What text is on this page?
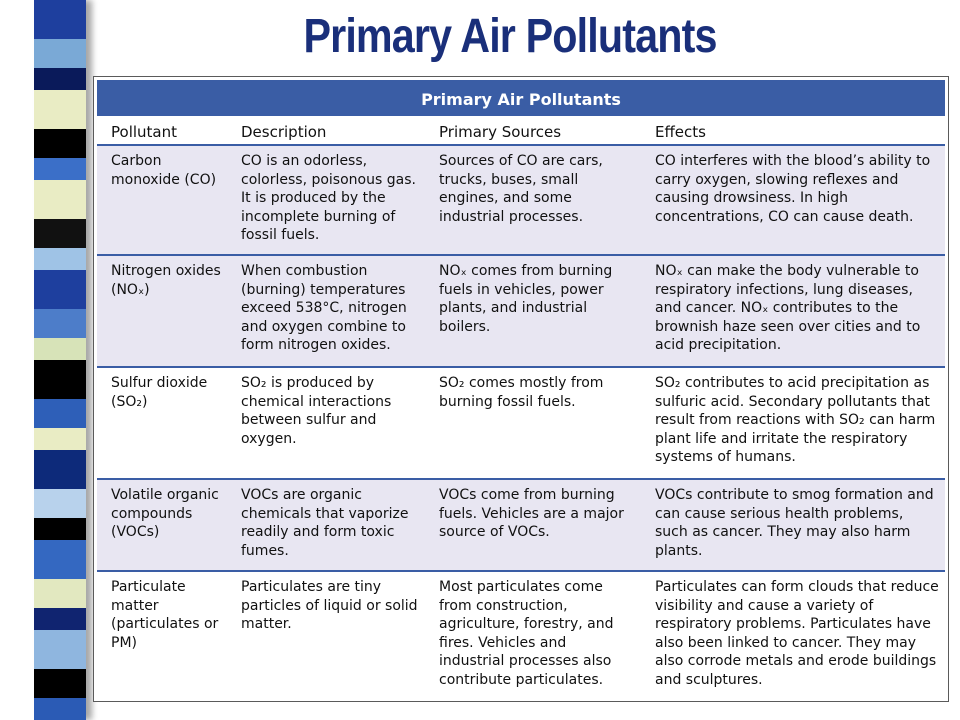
Primary Air Pollutants
Primary Air Pollutants
Pollutant	Description	Primary Sources	Effects
Carbon monoxide (CO)	CO is an odorless, colorless, poisonous gas. It is produced by the incomplete burning of fossil fuels.	Sources of CO are cars, trucks, buses, small engines, and some industrial processes.	CO interferes with the blood’s ability to carry oxygen, slowing reflexes and causing drowsiness. In high concentrations, CO can cause death.
Nitrogen oxides (NOₓ)	When combustion (burning) temperatures exceed 538°C, nitrogen and oxygen combine to form nitrogen oxides.	NOₓ comes from burning fuels in vehicles, power plants, and industrial boilers.	NOₓ can make the body vulnerable to respiratory infections, lung diseases, and cancer. NOₓ contributes to the brownish haze seen over cities and to acid precipitation.
Sulfur dioxide (SO₂)	SO₂ is produced by chemical interactions between sulfur and oxygen.	SO₂ comes mostly from burning fossil fuels.	SO₂ contributes to acid precipitation as sulfuric acid. Secondary pollutants that result from reactions with SO₂ can harm plant life and irritate the respiratory systems of humans.
Volatile organic compounds (VOCs)	VOCs are organic chemicals that vaporize readily and form toxic fumes.	VOCs come from burning fuels. Vehicles are a major source of VOCs.	VOCs contribute to smog formation and can cause serious health problems, such as cancer. They may also harm plants.
Particulate matter (particulates or PM)	Particulates are tiny particles of liquid or solid matter.	Most particulates come from construction, agriculture, forestry, and fires. Vehicles and industrial processes also contribute particulates.	Particulates can form clouds that reduce visibility and cause a variety of respiratory problems. Particulates have also been linked to cancer. They may also corrode metals and erode buildings and sculptures.
